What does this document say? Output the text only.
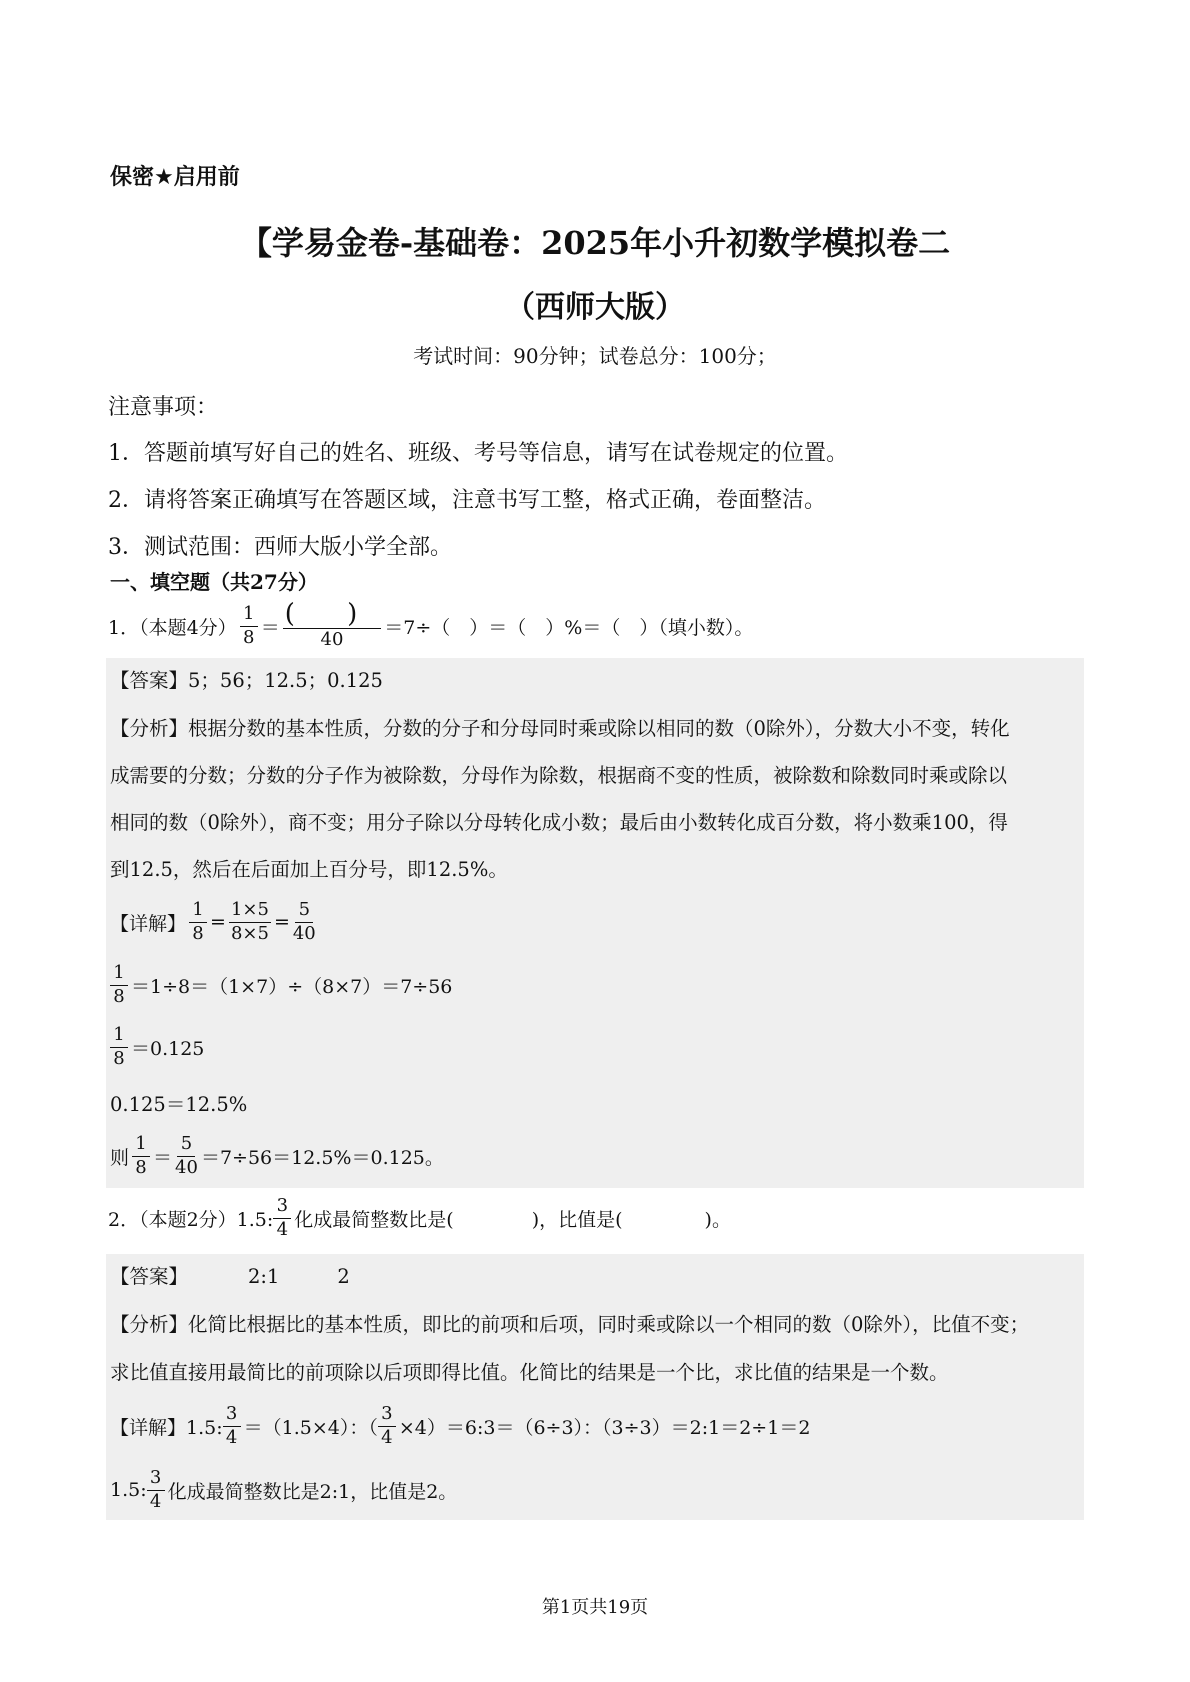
保密★启用前
【学易金卷-基础卷：2025年小升初数学模拟卷二
（西师大版）
考试时间：90分钟；试卷总分：100分；
注意事项：
1．答题前填写好自己的姓名、班级、考号等信息，请写在试卷规定的位置。
2．请将答案正确填写在答题区域，注意书写工整，格式正确，卷面整洁。
3．测试范围：西师大版小学全部。
一、填空题（共27分）
1．（本题4分） $\frac{1}{8} = \frac{( )}{40} =7\div$（　）＝（　）%＝（　）（填小数）。
【答案】5；56；12.5；0.125
【分析】根据分数的基本性质，分数的分子和分母同时乘或除以相同的数（0除外），分数大小不变，转化
成需要的分数；分数的分子作为被除数，分母作为除数，根据商不变的性质，被除数和除数同时乘或除以
相同的数（0除外），商不变；用分子除以分母转化成小数；最后由小数转化成百分数，将小数乘100，得
到12.5，然后在后面加上百分号，即12.5%。
【详解】 $\frac{1}{8} = \frac{1\times 5}{8\times 5} = \frac{5}{40}$
$\frac{1}{8} =1\div 8=(1\times 7)\div(8\times 7)=7\div 56$
$\frac{1}{8} =0.125$
0.125＝12.5%
则 $\frac{1}{8} = \frac{5}{40} =7\div 56=12.5\%=0.125$。
2．（本题2分）1.5: $\frac{3}{4}$ 化成最简整数比是(	)，比值是(	)。
【答案】	2:1	2
【分析】化简比根据比的基本性质，即比的前项和后项，同时乘或除以一个相同的数（0除外），比值不变；
求比值直接用最简比的前项除以后项即得比值。化简比的结果是一个比，求比值的结果是一个数。
【详解】1.5: $\frac{3}{4} =(1.5\times 4)$：（ $\frac{3}{4}$ ×4）＝6:3＝（6÷3）：（3÷3）＝2:1＝2÷1＝2
1.5: $\frac{3}{4}$ 化成最简整数比是2:1，比值是2。
第1页共19页
